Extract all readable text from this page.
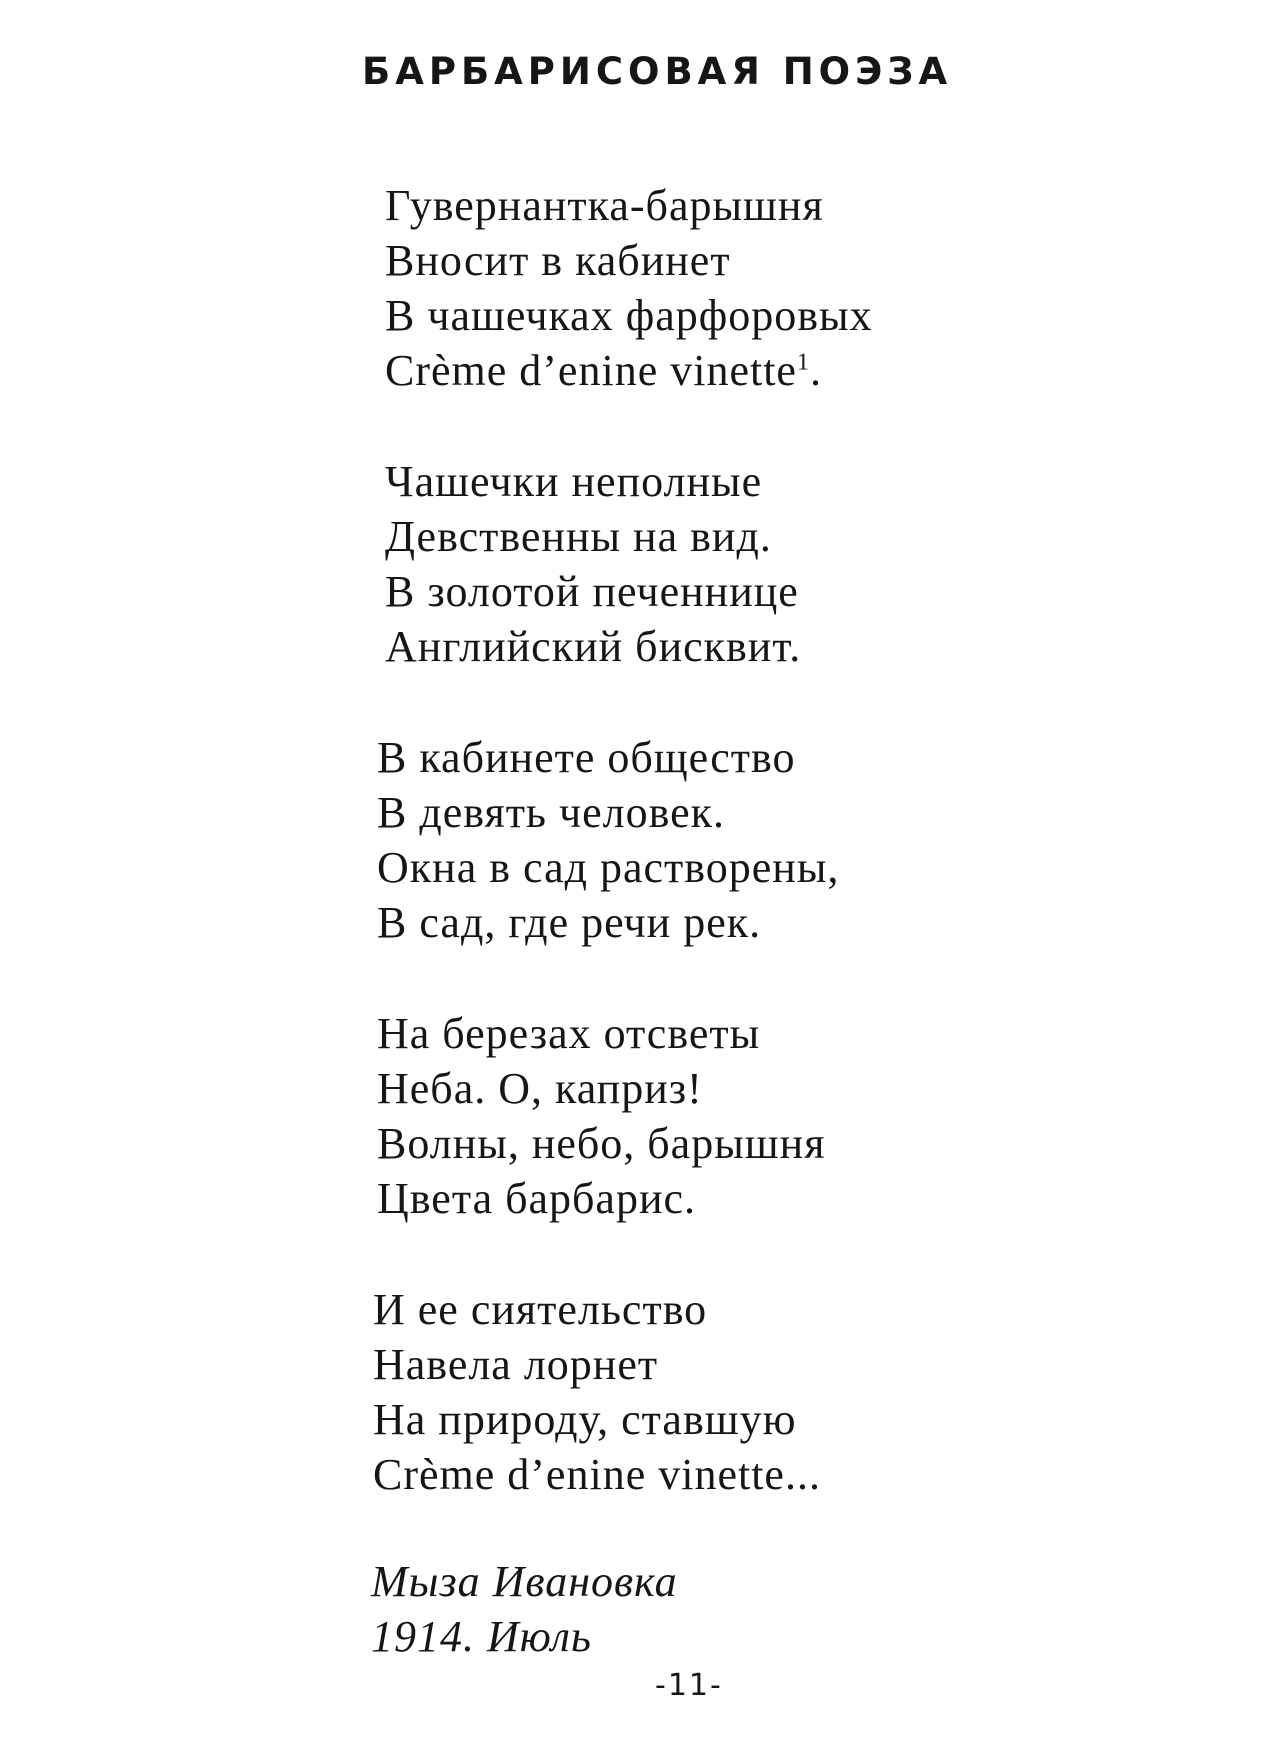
БАРБАРИСОВАЯ ПОЭЗА
Гувернантка-барышня
Вносит в кабинет
В чашечках фарфоровых
Crème d’enine vinette$^1$.
Чашечки неполные
Девственны на вид.
В золотой печеннице
Английский бисквит.
В кабинете общество
В девять человек.
Окна в сад растворены,
В сад, где речи рек.
На березах отсветы
Неба. О, каприз!
Волны, небо, барышня
Цвета барбарис.
И ее сиятельство
Навела лорнет
На природу, ставшую
Crème d’enine vinette...
Мыза Ивановка
1914. Июль
-11-
